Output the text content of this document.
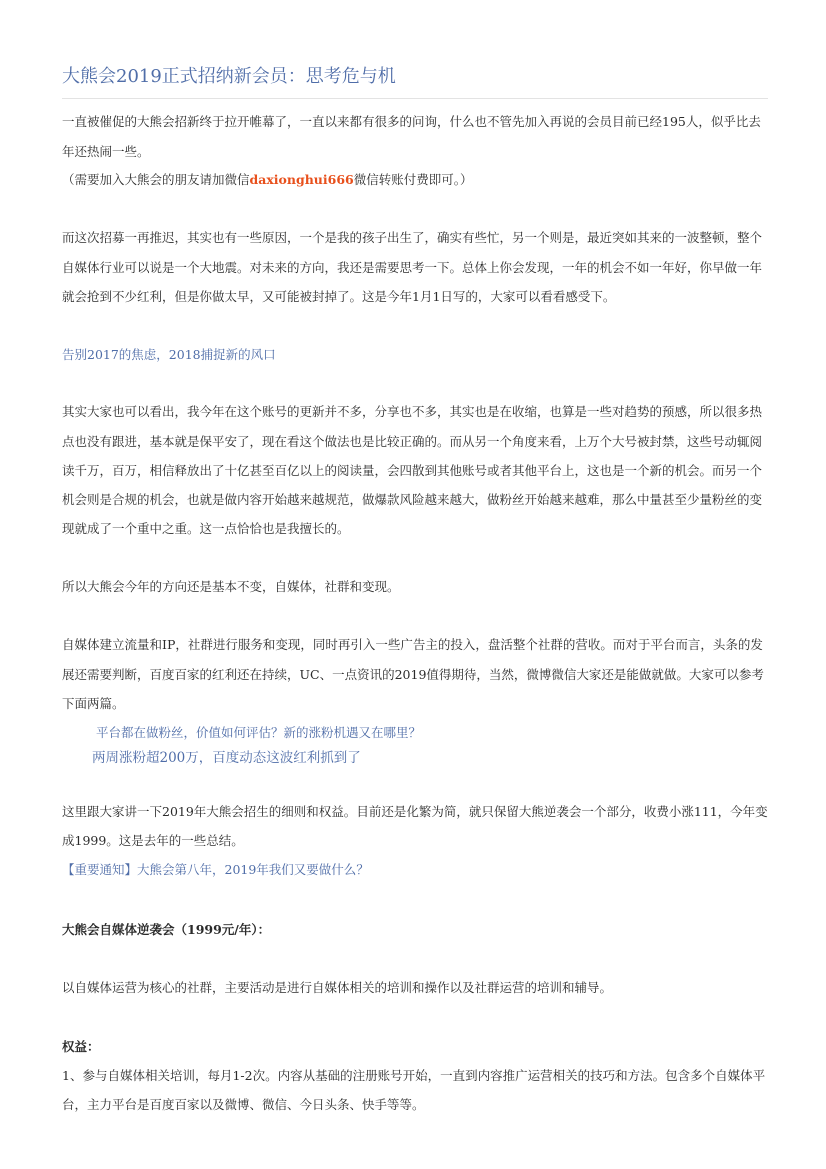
大熊会2019正式招纳新会员：思考危与机
一直被催促的大熊会招新终于拉开帷幕了，一直以来都有很多的问询，什么也不管先加入再说的会员目前已经195人，似乎比去
年还热闹一些。
（需要加入大熊会的朋友请加微信daxionghui666微信转账付费即可。）
而这次招募一再推迟，其实也有一些原因，一个是我的孩子出生了，确实有些忙，另一个则是，最近突如其来的一波整顿，整个
自媒体行业可以说是一个大地震。对未来的方向，我还是需要思考一下。总体上你会发现，一年的机会不如一年好，你早做一年
就会抢到不少红利，但是你做太早，又可能被封掉了。这是今年1月1日写的，大家可以看看感受下。
告别2017的焦虑，2018捕捉新的风口
其实大家也可以看出，我今年在这个账号的更新并不多，分享也不多，其实也是在收缩，也算是一些对趋势的预感，所以很多热
点也没有跟进，基本就是保平安了，现在看这个做法也是比较正确的。而从另一个角度来看，上万个大号被封禁，这些号动辄阅
读千万，百万，相信释放出了十亿甚至百亿以上的阅读量，会四散到其他账号或者其他平台上，这也是一个新的机会。而另一个
机会则是合规的机会，也就是做内容开始越来越规范，做爆款风险越来越大，做粉丝开始越来越难，那么中量甚至少量粉丝的变
现就成了一个重中之重。这一点恰恰也是我擅长的。
所以大熊会今年的方向还是基本不变，自媒体，社群和变现。
自媒体建立流量和IP，社群进行服务和变现，同时再引入一些广告主的投入，盘活整个社群的营收。而对于平台而言，头条的发
展还需要判断，百度百家的红利还在持续，UC、一点资讯的2019值得期待，当然，微博微信大家还是能做就做。大家可以参考
下面两篇。
平台都在做粉丝，价值如何评估？新的涨粉机遇又在哪里？
两周涨粉超200万，百度动态这波红利抓到了
这里跟大家讲一下2019年大熊会招生的细则和权益。目前还是化繁为简，就只保留大熊逆袭会一个部分，收费小涨111，今年变
成1999。这是去年的一些总结。
【重要通知】大熊会第八年，2019年我们又要做什么？
大熊会自媒体逆袭会（1999元/年）：
以自媒体运营为核心的社群，主要活动是进行自媒体相关的培训和操作以及社群运营的培训和辅导。
权益：
1、参与自媒体相关培训，每月1-2次。内容从基础的注册账号开始，一直到内容推广运营相关的技巧和方法。包含多个自媒体平
台，主力平台是百度百家以及微博、微信、今日头条、快手等等。
